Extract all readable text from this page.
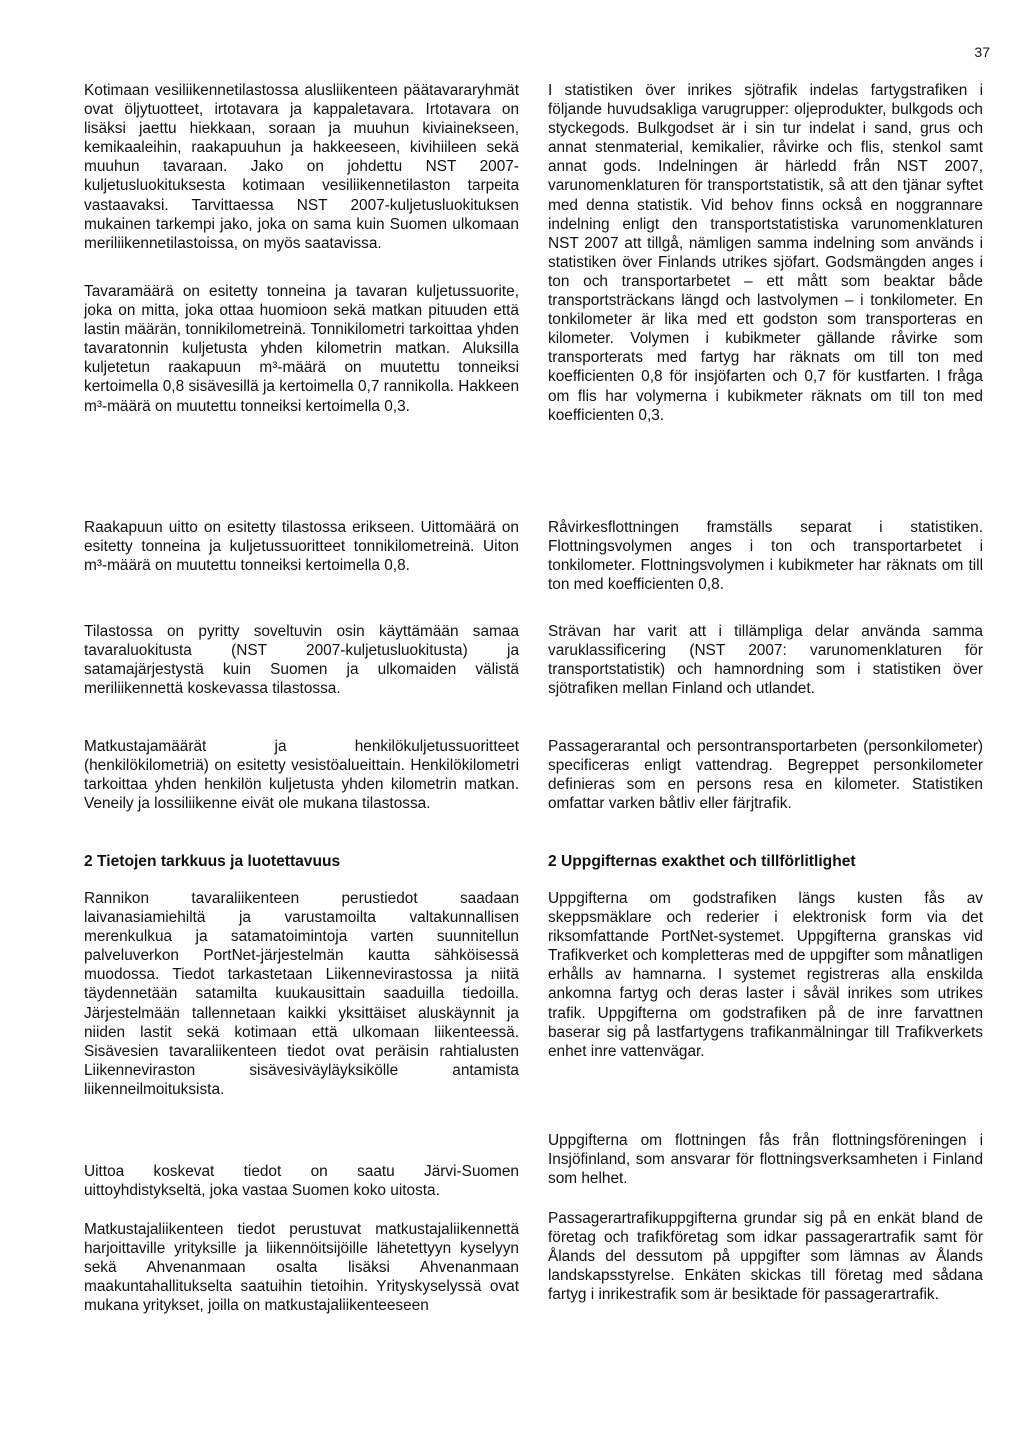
37

Kotimaan vesiliikennetilastossa alusliikenteen päätavararyhmät ovat öljytuotteet, irtotavara ja kappaletavara. Irtotavara on lisäksi jaettu hiekkaan, soraan ja muuhun kiviainekseen, kemikaaleihin, raakapuuhun ja hakkeeseen, kivihiileen sekä muuhun tavaraan. Jako on johdettu NST 2007-kuljetusluokituksesta kotimaan vesiliikennetilaston tarpeita vastaavaksi. Tarvittaessa NST 2007-kuljetusluokituksen mukainen tarkempi jako, joka on sama kuin Suomen ulkomaan meriliikennetilastoissa, on myös saatavissa.

Tavaramäärä on esitetty tonneina ja tavaran kuljetussuorite, joka on mitta, joka ottaa huomioon sekä matkan pituuden että lastin määrän, tonnikilometreinä. Tonnikilometri tarkoittaa yhden tavaratonnin kuljetusta yhden kilometrin matkan. Aluksilla kuljetetun raakapuun m³-määrä on muutettu tonneiksi kertoimella 0,8 sisävesillä ja kertoimella 0,7 rannikolla. Hakkeen m³-määrä on muutettu tonneiksi kertoimella 0,3.

Raakapuun uitto on esitetty tilastossa erikseen. Uittomäärä on esitetty tonneina ja kuljetussuoritteet tonnikilometreinä. Uiton m³-määrä on muutettu tonneiksi kertoimella 0,8.

Tilastossa on pyritty soveltuvin osin käyttämään samaa tavaraluokitusta (NST 2007-kuljetusluokitusta) ja satamajärjestystä kuin Suomen ja ulkomaiden välistä meriliikennettä koskevassa tilastossa.

Matkustajamäärät ja henkilökuljetussuoritteet (henkilökilometriä) on esitetty vesistöalueittain. Henkilökilometri tarkoittaa yhden henkilön kuljetusta yhden kilometrin matkan. Veneily ja lossiliikenne eivät ole mukana tilastossa.

2 Tietojen tarkkuus ja luotettavuus

Rannikon tavaraliikenteen perustiedot saadaan laivanasiamiehiltä ja varustamoilta valtakunnallisen merenkulkua ja satamatoimintoja varten suunnitellun palveluverkon PortNet-järjestelmän kautta sähköisessä muodossa. Tiedot tarkastetaan Liikennevirastossa ja niitä täydennetään satamilta kuukausittain saaduilla tiedoilla. Järjestelmään tallennetaan kaikki yksittäiset aluskäynnit ja niiden lastit sekä kotimaan että ulkomaan liikenteessä. Sisävesien tavaraliikenteen tiedot ovat peräisin rahtialusten Liikenneviraston sisävesiväyläyksikölle antamista liikenneilmoituksista.

Uittoa koskevat tiedot on saatu Järvi-Suomen uittoyhdistykseltä, joka vastaa Suomen koko uitosta.

Matkustajaliikenteen tiedot perustuvat matkustajaliikennettä harjoittaville yrityksille ja liikennöitsijöille lähetettyyn kyselyyn sekä Ahvenanmaan osalta lisäksi Ahvenanmaan maakuntahallitukselta saatuihin tietoihin. Yrityskyselyssä ovat mukana yritykset, joilla on matkustajaliikenteeseen

I statistiken över inrikes sjötrafik indelas fartygstrafiken i följande huvudsakliga varugrupper: oljeprodukter, bulkgods och styckegods. Bulkgodset är i sin tur indelat i sand, grus och annat stenmaterial, kemikalier, råvirke och flis, stenkol samt annat gods. Indelningen är härledd från NST 2007, varunomenklaturen för transportstatistik, så att den tjänar syftet med denna statistik. Vid behov finns också en noggrannare indelning enligt den transportstatistiska varunomenklaturen NST 2007 att tillgå, nämligen samma indelning som används i statistiken över Finlands utrikes sjöfart. Godsmängden anges i ton och transportarbetet – ett mått som beaktar både transportsträckans längd och lastvolymen – i tonkilometer. En tonkilometer är lika med ett godston som transporteras en kilometer. Volymen i kubikmeter gällande råvirke som transporterats med fartyg har räknats om till ton med koefficienten 0,8 för insjöfarten och 0,7 för kustfarten. I fråga om flis har volymerna i kubikmeter räknats om till ton med koefficienten 0,3.

Råvirkesflottningen framställs separat i statistiken. Flottningsvolymen anges i ton och transportarbetet i tonkilometer. Flottningsvolymen i kubikmeter har räknats om till ton med koefficienten 0,8.

Strävan har varit att i tillämpliga delar använda samma varuklassificering (NST 2007: varunomenklaturen för transportstatistik) och hamnordning som i statistiken över sjötrafiken mellan Finland och utlandet.

Passagerarantal och persontransportarbeten (personkilometer) specificeras enligt vattendrag. Begreppet personkilometer definieras som en persons resa en kilometer. Statistiken omfattar varken båtliv eller färjtrafik.

2 Uppgifternas exakthet och tillförlitlighet

Uppgifterna om godstrafiken längs kusten fås av skeppsmäklare och rederier i elektronisk form via det riksomfattande PortNet-systemet. Uppgifterna granskas vid Trafikverket och kompletteras med de uppgifter som månatligen erhålls av hamnarna. I systemet registreras alla enskilda ankomna fartyg och deras laster i såväl inrikes som utrikes trafik. Uppgifterna om godstrafiken på de inre farvattnen baserar sig på lastfartygens trafikanmälningar till Trafikverkets enhet inre vattenvägar.

Uppgifterna om flottningen fås från flottningsföreningen i Insjöfinland, som ansvarar för flottningsverksamheten i Finland som helhet.

Passagerartrafikuppgifterna grundar sig på en enkät bland de företag och trafikföretag som idkar passagerartrafik samt för Ålands del dessutom på uppgifter som lämnas av Ålands landskapsstyrelse. Enkäten skickas till företag med sådana fartyg i inrikestrafik som är besiktade för passagerartrafik.
